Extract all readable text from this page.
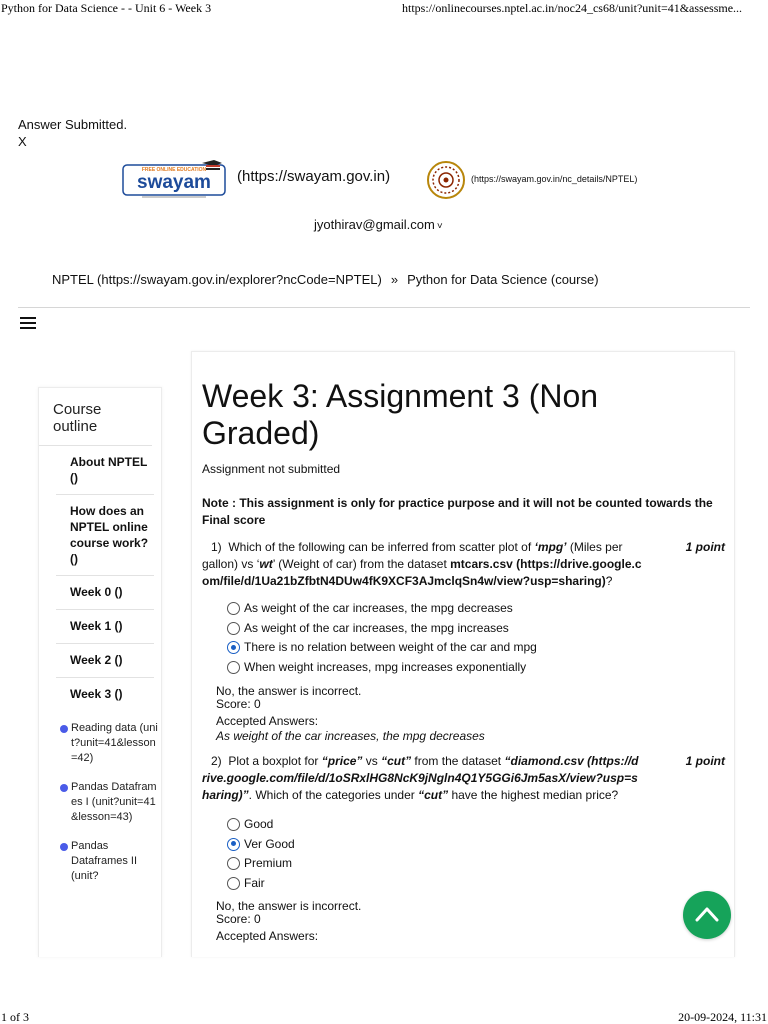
Python for Data Science - - Unit 6 - Week 3	https://onlinecourses.nptel.ac.in/noc24_cs68/unit?unit=41&assessme...
Answer Submitted.
X
FREE ONLINE EDUCATION
swayam (https://swayam.gov.in)	(https://swayam.gov.in/nc_details/NPTEL)
jyothirav@gmail.com ˅
NPTEL (https://swayam.gov.in/explorer?ncCode=NPTEL) » Python for Data Science (course)
Course outline
About NPTEL ()
How does an NPTEL online course work? ()
Week 0 ()
Week 1 ()
Week 2 ()
Week 3 ()
Reading data (unit?unit=41&lesson=42)
Pandas Dataframes I (unit?unit=41&lesson=43)
Pandas Dataframes II (unit?
Week 3: Assignment 3 (Non Graded)
Assignment not submitted
Note : This assignment is only for practice purpose and it will not be counted towards the Final score
1) Which of the following can be inferred from scatter plot of ‘mpg’ (Miles per gallon) vs ‘wt’ (Weight of car) from the dataset mtcars.csv (https://drive.google.com/file/d/1Ua21bZfbtN4DUw4fK9XCF3AJmclqSn4w/view?usp=sharing)?
1 point
As weight of the car increases, the mpg decreases
As weight of the car increases, the mpg increases
There is no relation between weight of the car and mpg
When weight increases, mpg increases exponentially
No, the answer is incorrect.
Score: 0
Accepted Answers:
As weight of the car increases, the mpg decreases
2) Plot a boxplot for “price” vs “cut” from the dataset “diamond.csv (https://drive.google.com/file/d/1oSRxlHG8NcK9jNgln4Q1Y5GGi6Jm5asX/view?usp=sharing)”. Which of the categories under “cut” have the highest median price?
1 point
Good
Ver Good
Premium
Fair
No, the answer is incorrect.
Score: 0
Accepted Answers:
1 of 3	20-09-2024, 11:31
